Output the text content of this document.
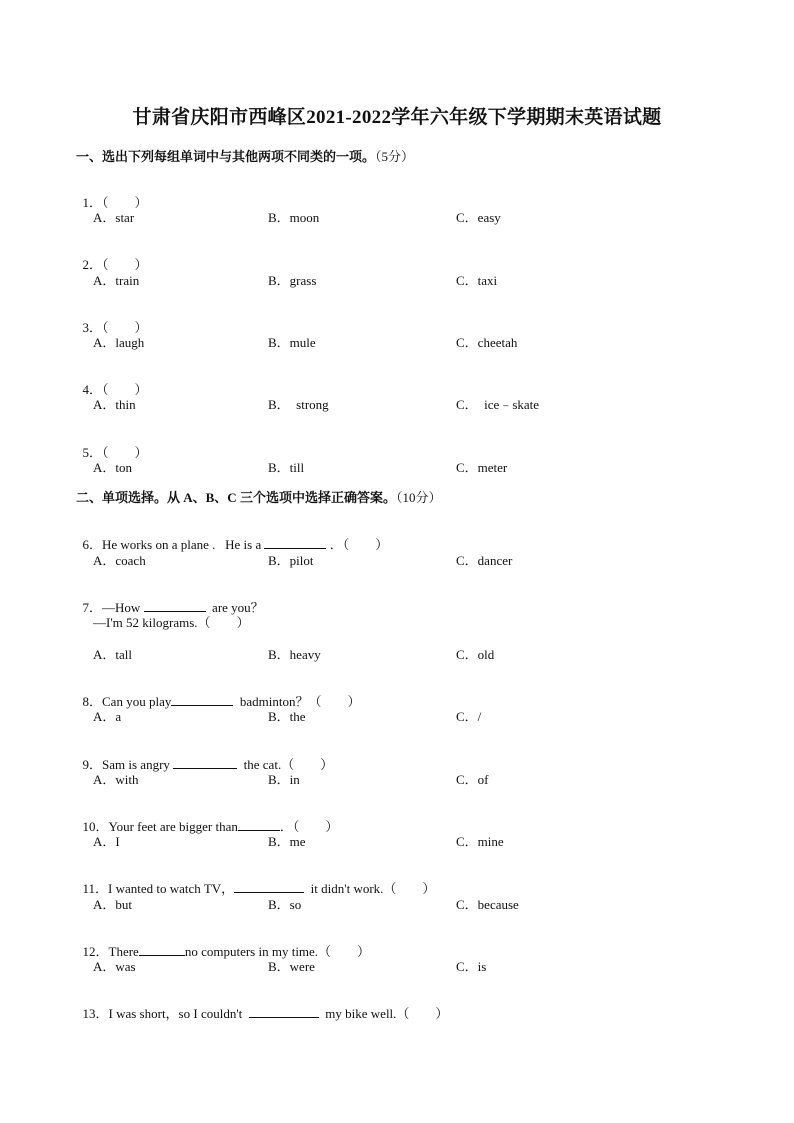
甘肃省庆阳市西峰区2021-2022学年六年级下学期期末英语试题
一、选出下列每组单词中与其他两项不同类的一项。（5分）

1．（　　）

A．star	B．moon	C．easy

2．（　　）

A．train	B．grass	C．taxi

3．（　　）

A．laugh	B．mule	C．cheetah

4．（　　）

A．thin	B．  strong	C．  ice﹣skate

5．（　　）

A．ton	B．till	C．meter
二、单项选择。从 A、B、C 三个选项中选择正确答案。（10分）

6．He works on a plane .   He is a	．（　　）

A．coach	B．pilot	C．dancer

7．—How	are you？

—I'm 52 kilograms.（　　）
A．tall	B．heavy	C．old

8．Can you play	badminton？（　　）

A．a	B．the	C．/

9．Sam is angry	the cat.（　　）

A．with	B．in	C．of

10．Your feet are bigger than	．（　　）

A．I	B．me	C．mine

11．I wanted to watch TV，	it didn't work.（　　）

A．but	B．so	C．because

12．There	no computers in my time.（　　）

A．was	B．were	C．is

13．I was short，so I couldn't	my bike well.（　　）
